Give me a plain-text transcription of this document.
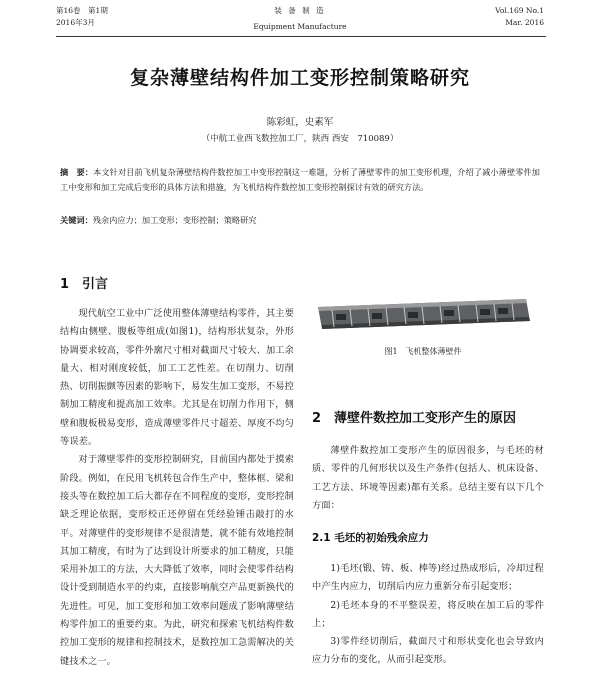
第16卷　第1期
2016年3月
装 备 制 造
Equipment Manufacture
Vol.169 No.1
Mar. 2016
复杂薄壁结构件加工变形控制策略研究
陈彩虹，史素军
（中航工业西飞数控加工厂，陕西 西安　710089）
摘　要：本文针对目前飞机复杂薄壁结构件数控加工中变形控制这一难题，分析了薄壁零件的加工变形机理，介绍了减小薄壁零件加工中变形和加工完成后变形的具体方法和措施，为飞机结构件数控加工变形控制探讨有效的研究方法。
关键词：残余内应力；加工变形；变形控制；策略研究
1　引言

现代航空工业中广泛使用整体薄壁结构零件，其主要结构由侧壁、腹板等组成(如图1)，结构形状复杂，外形协调要求较高，零件外廓尺寸相对截面尺寸较大、加工余量大、相对刚度较低，加工工艺性差。在切削力、切削热、切削振颤等因素的影响下，易发生加工变形，不易控制加工精度和提高加工效率。尤其是在切削力作用下，侧壁和腹板极易变形，造成薄壁零件尺寸超差、厚度不均匀等误差。

对于薄壁零件的变形控制研究，目前国内都处于摸索阶段。例如，在民用飞机转包合作生产中，整体框、梁和接头等在数控加工后大都存在不同程度的变形，变形控制缺乏理论依据，变形校正还停留在凭经验锤击敲打的水平。对薄壁件的变形规律不是很清楚，就不能有效地控制其加工精度，有时为了达到设计所要求的加工精度，只能采用补加工的方法，大大降低了效率，同时会使零件结构设计受到制造水平的约束，直接影响航空产品更新换代的先进性。可见，加工变形和加工效率问题成了影响薄壁结构零件加工的重要约束。为此，研究和探索飞机结构件数控加工变形的规律和控制技术，是数控加工急需解决的关键技术之一。

图1　飞机整体薄壁件
2　薄壁件数控加工变形产生的原因

薄壁件数控加工变形产生的原因很多，与毛坯的材质、零件的几何形状以及生产条件(包括人、机床设备、工艺方法、环境等因素)都有关系。总结主要有以下几个方面：

2.1 毛坯的初始残余应力

1)毛坯(锻、铸、板、棒等)经过热成形后，冷却过程中产生内应力，切削后内应力重新分布引起变形；

2)毛坯本身的不平整误差，将反映在加工后的零件上；

3)零件经切削后，截面尺寸和形状变化也会导致内应力分布的变化，从而引起变形。
